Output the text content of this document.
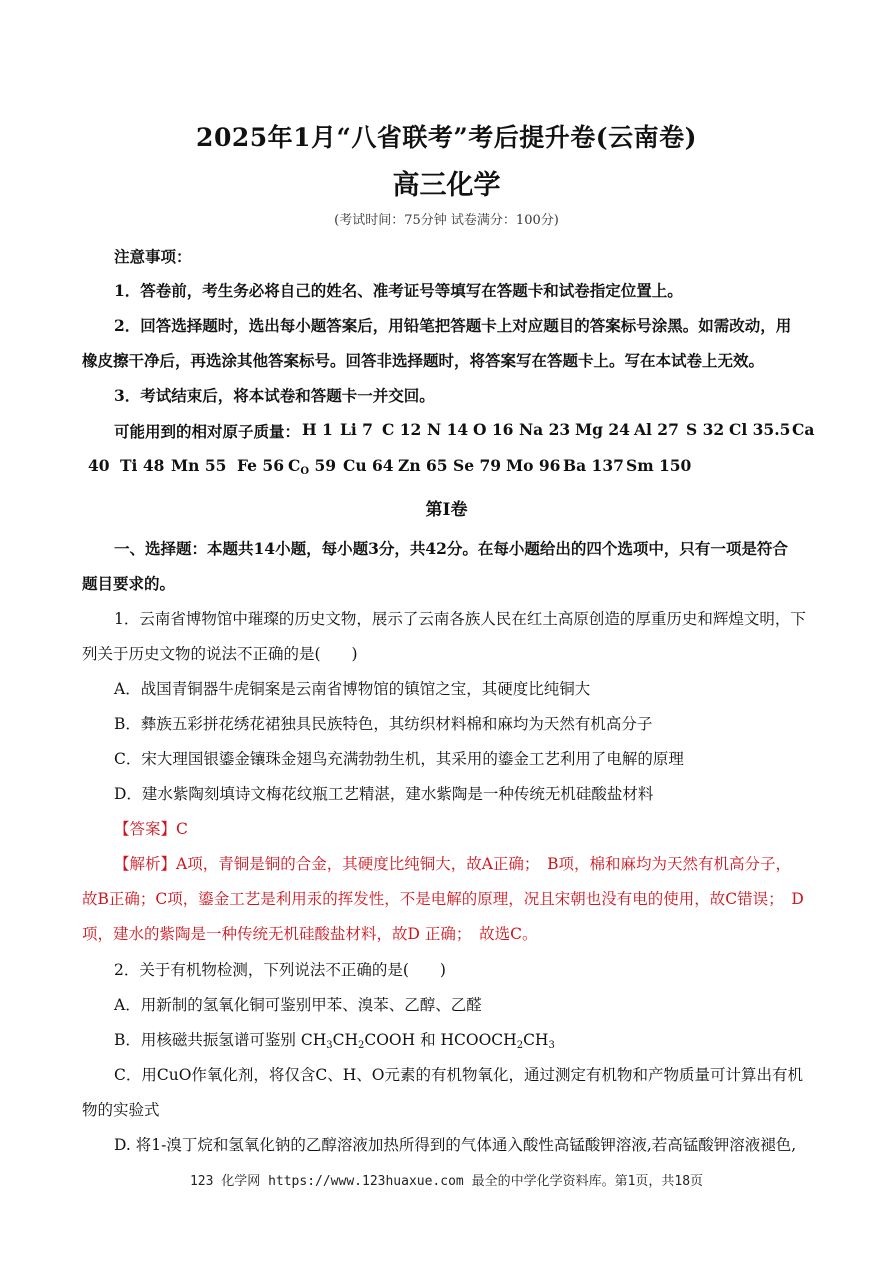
2025年1月“八省联考”考后提升卷(云南卷)
高三化学
(考试时间：75分钟 试卷满分：100分)
注意事项：
1．答卷前，考生务必将自己的姓名、准考证号等填写在答题卡和试卷指定位置上。
2．回答选择题时，选出每小题答案后，用铅笔把答题卡上对应题目的答案标号涂黑。如需改动，用
橡皮擦干净后，再选涂其他答案标号。回答非选择题时，将答案写在答题卡上。写在本试卷上无效。
3．考试结束后，将本试卷和答题卡一并交回。
可能用到的相对原子质量： H 1 Li 7 C 12 N 14 O 16 Na 23 Mg 24 Al 27 S 32 Cl 35.5 Ca
40 Ti 48 Mn 55 Fe 56 $C_O$ 59 Cu 64 Zn 65 Se 79 Mo 96 Ba 137 Sm 150
第I卷
一、选择题：本题共14小题，每小题3分，共42分。在每小题给出的四个选项中，只有一项是符合
题目要求的。
1．云南省博物馆中璀璨的历史文物，展示了云南各族人民在红土高原创造的厚重历史和辉煌文明，下
列关于历史文物的说法不正确的是(　　)
A．战国青铜器牛虎铜案是云南省博物馆的镇馆之宝，其硬度比纯铜大
B．彝族五彩拼花绣花裙独具民族特色，其纺织材料棉和麻均为天然有机高分子
C．宋大理国银鎏金镶珠金翅鸟充满勃勃生机，其采用的鎏金工艺利用了电解的原理
D．建水紫陶刻填诗文梅花纹瓶工艺精湛，建水紫陶是一种传统无机硅酸盐材料
【答案】C
【解析】A项，青铜是铜的合金，其硬度比纯铜大，故A正确；　B项，棉和麻均为天然有机高分子，
故B正确；C项，鎏金工艺是利用汞的挥发性，不是电解的原理，况且宋朝也没有电的使用，故C错误；　D
项，建水的紫陶是一种传统无机硅酸盐材料，故D 正确；　故选C。
2．关于有机物检测，下列说法不正确的是(　　)
A．用新制的氢氧化铜可鉴别甲苯、溴苯、乙醇、乙醛
B．用核磁共振氢谱可鉴别 $CH_3CH_2COOH$ 和 $HCOOCH_2CH_3$
C．用CuO作氧化剂，将仅含C、H、O元素的有机物氧化，通过测定有机物和产物质量可计算出有机
物的实验式
D. 将1-溴丁烷和氢氧化钠的乙醇溶液加热所得到的气体通入酸性高锰酸钾溶液,若高锰酸钾溶液褪色,
123 化学网 https://www.123huaxue.com 最全的中学化学资料库。第1页，共18页
